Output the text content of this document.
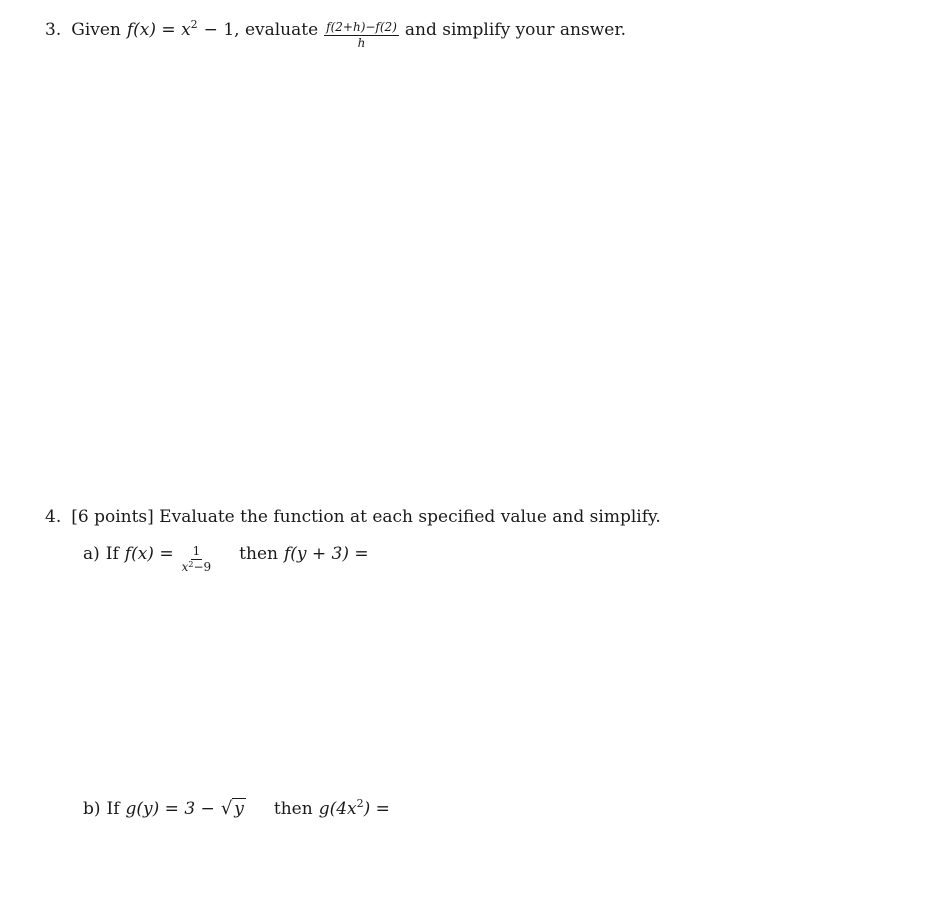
3. Given $f(x) = x^2 - 1$, evaluate $\frac{f(2+h)-f(2)}{h}$ and simplify your answer.
4. [6 points] Evaluate the function at each specified value and simplify.
a) If $f(x) = \frac{1}{x^2-9}$ then f(y + 3) =
b) If g(y) = 3 − √ y then $g(4x^2)$ =
